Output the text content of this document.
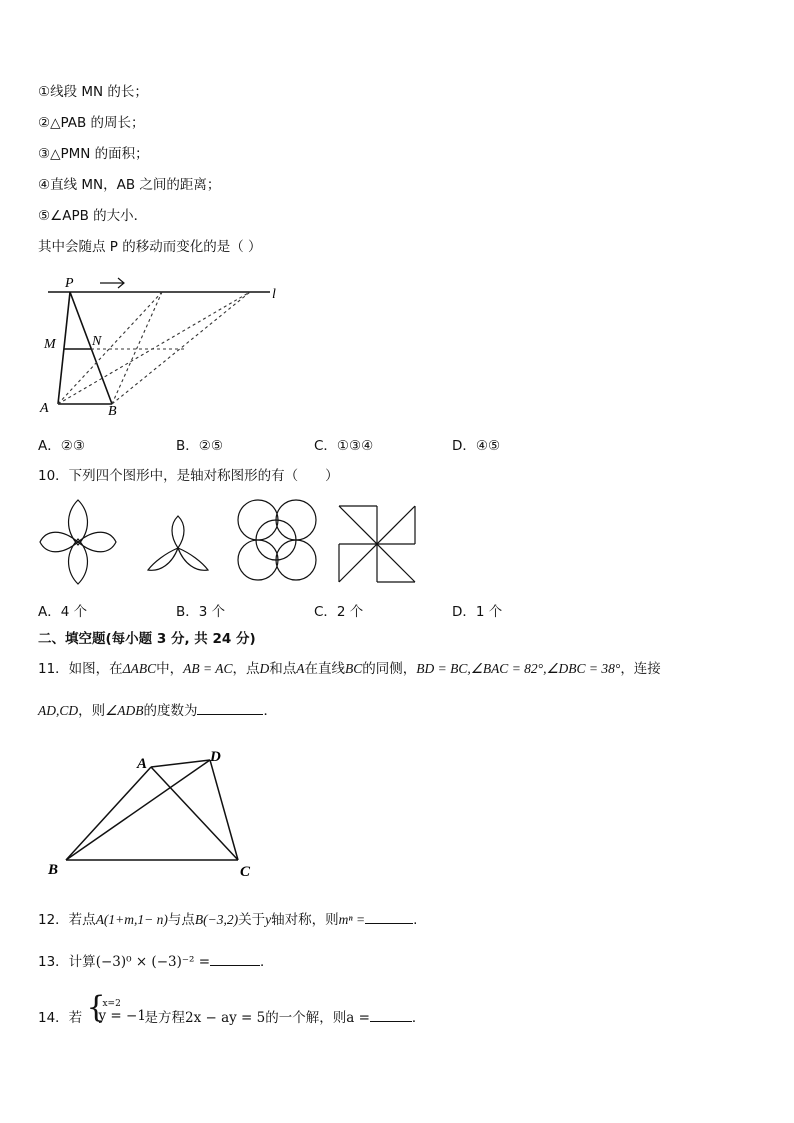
①线段 MN 的长；
②△PAB 的周长；
③△PMN 的面积；
④直线 MN，AB 之间的距离；
⑤∠APB 的大小．
其中会随点 P 的移动而变化的是（ ）
P
M	N
A	B
l
A．②③	B．②⑤	C．①③④	D．④⑤
10．下列四个图形中，是轴对称图形的有（　　）
A．4 个	B．3 个	C．2 个	D．1 个
二、填空题(每小题 3 分, 共 24 分)
11．如图，在ΔABC中，AB = AC，点D和点A在直线BC的同侧，BD = BC,∠BAC = 82°,∠DBC = 38°，连接
AD,CD，则∠ADB的度数为	．
A	D
B	C
12．若点A(1+m,1− n)与点B(−3,2)关于y轴对称，则mⁿ =	.
13．计算(−3)⁰ × (−3)⁻² =	．
14．若 {
x=2
y = −1
是方程2x − ay = 5的一个解，则a =	．
